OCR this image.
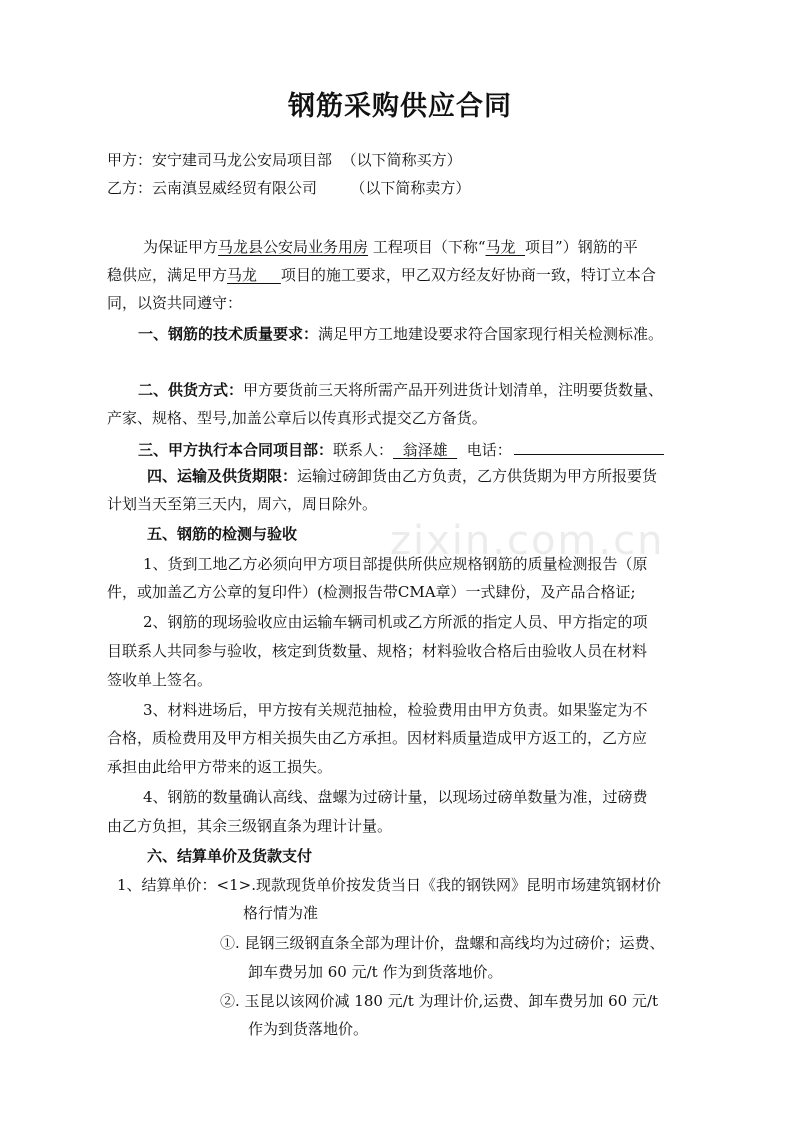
钢筋采购供应合同
甲方：安宁建司马龙公安局项目部 （以下简称买方）
乙方：云南滇昱威经贸有限公司 （以下简称卖方）
为保证甲方马龙县公安局业务用房 工程项目（下称“马龙 项目”）钢筋的平
稳供应，满足甲方马龙 项目的施工要求，甲乙双方经友好协商一致，特订立本合
同，以资共同遵守：
一、钢筋的技术质量要求：满足甲方工地建设要求符合国家现行相关检测标准。
二、供货方式：甲方要货前三天将所需产品开列进货计划清单，注明要货数量、
产家、规格、型号,加盖公章后以传真形式提交乙方备货。
三、甲方执行本合同项目部：联系人： 翁泽雄 电话：
四、运输及供货期限：运输过磅卸货由乙方负责，乙方供货期为甲方所报要货
计划当天至第三天内，周六，周日除外。
五、钢筋的检测与验收
1、货到工地乙方必须向甲方项目部提供所供应规格钢筋的质量检测报告（原
件，或加盖乙方公章的复印件）(检测报告带CMA章）一式肆份，及产品合格证;
2、钢筋的现场验收应由运输车辆司机或乙方所派的指定人员、甲方指定的项
目联系人共同参与验收，核定到货数量、规格；材料验收合格后由验收人员在材料
签收单上签名。
3、材料进场后，甲方按有关规范抽检，检验费用由甲方负责。如果鉴定为不
合格，质检费用及甲方相关损失由乙方承担。因材料质量造成甲方返工的，乙方应
承担由此给甲方带来的返工损失。
4、钢筋的数量确认高线、盘螺为过磅计量，以现场过磅单数量为准，过磅费
由乙方负担，其余三级钢直条为理计计量。
六、结算单价及货款支付
1、结算单价：<1>.现款现货单价按发货当日《我的钢铁网》昆明市场建筑钢材价
格行情为准
①. 昆钢三级钢直条全部为理计价，盘螺和高线均为过磅价；运费、
卸车费另加 60 元/t 作为到货落地价。
②. 玉昆以该网价减 180 元/t 为理计价,运费、卸车费另加 60 元/t
作为到货落地价。
zixin.com.cn
